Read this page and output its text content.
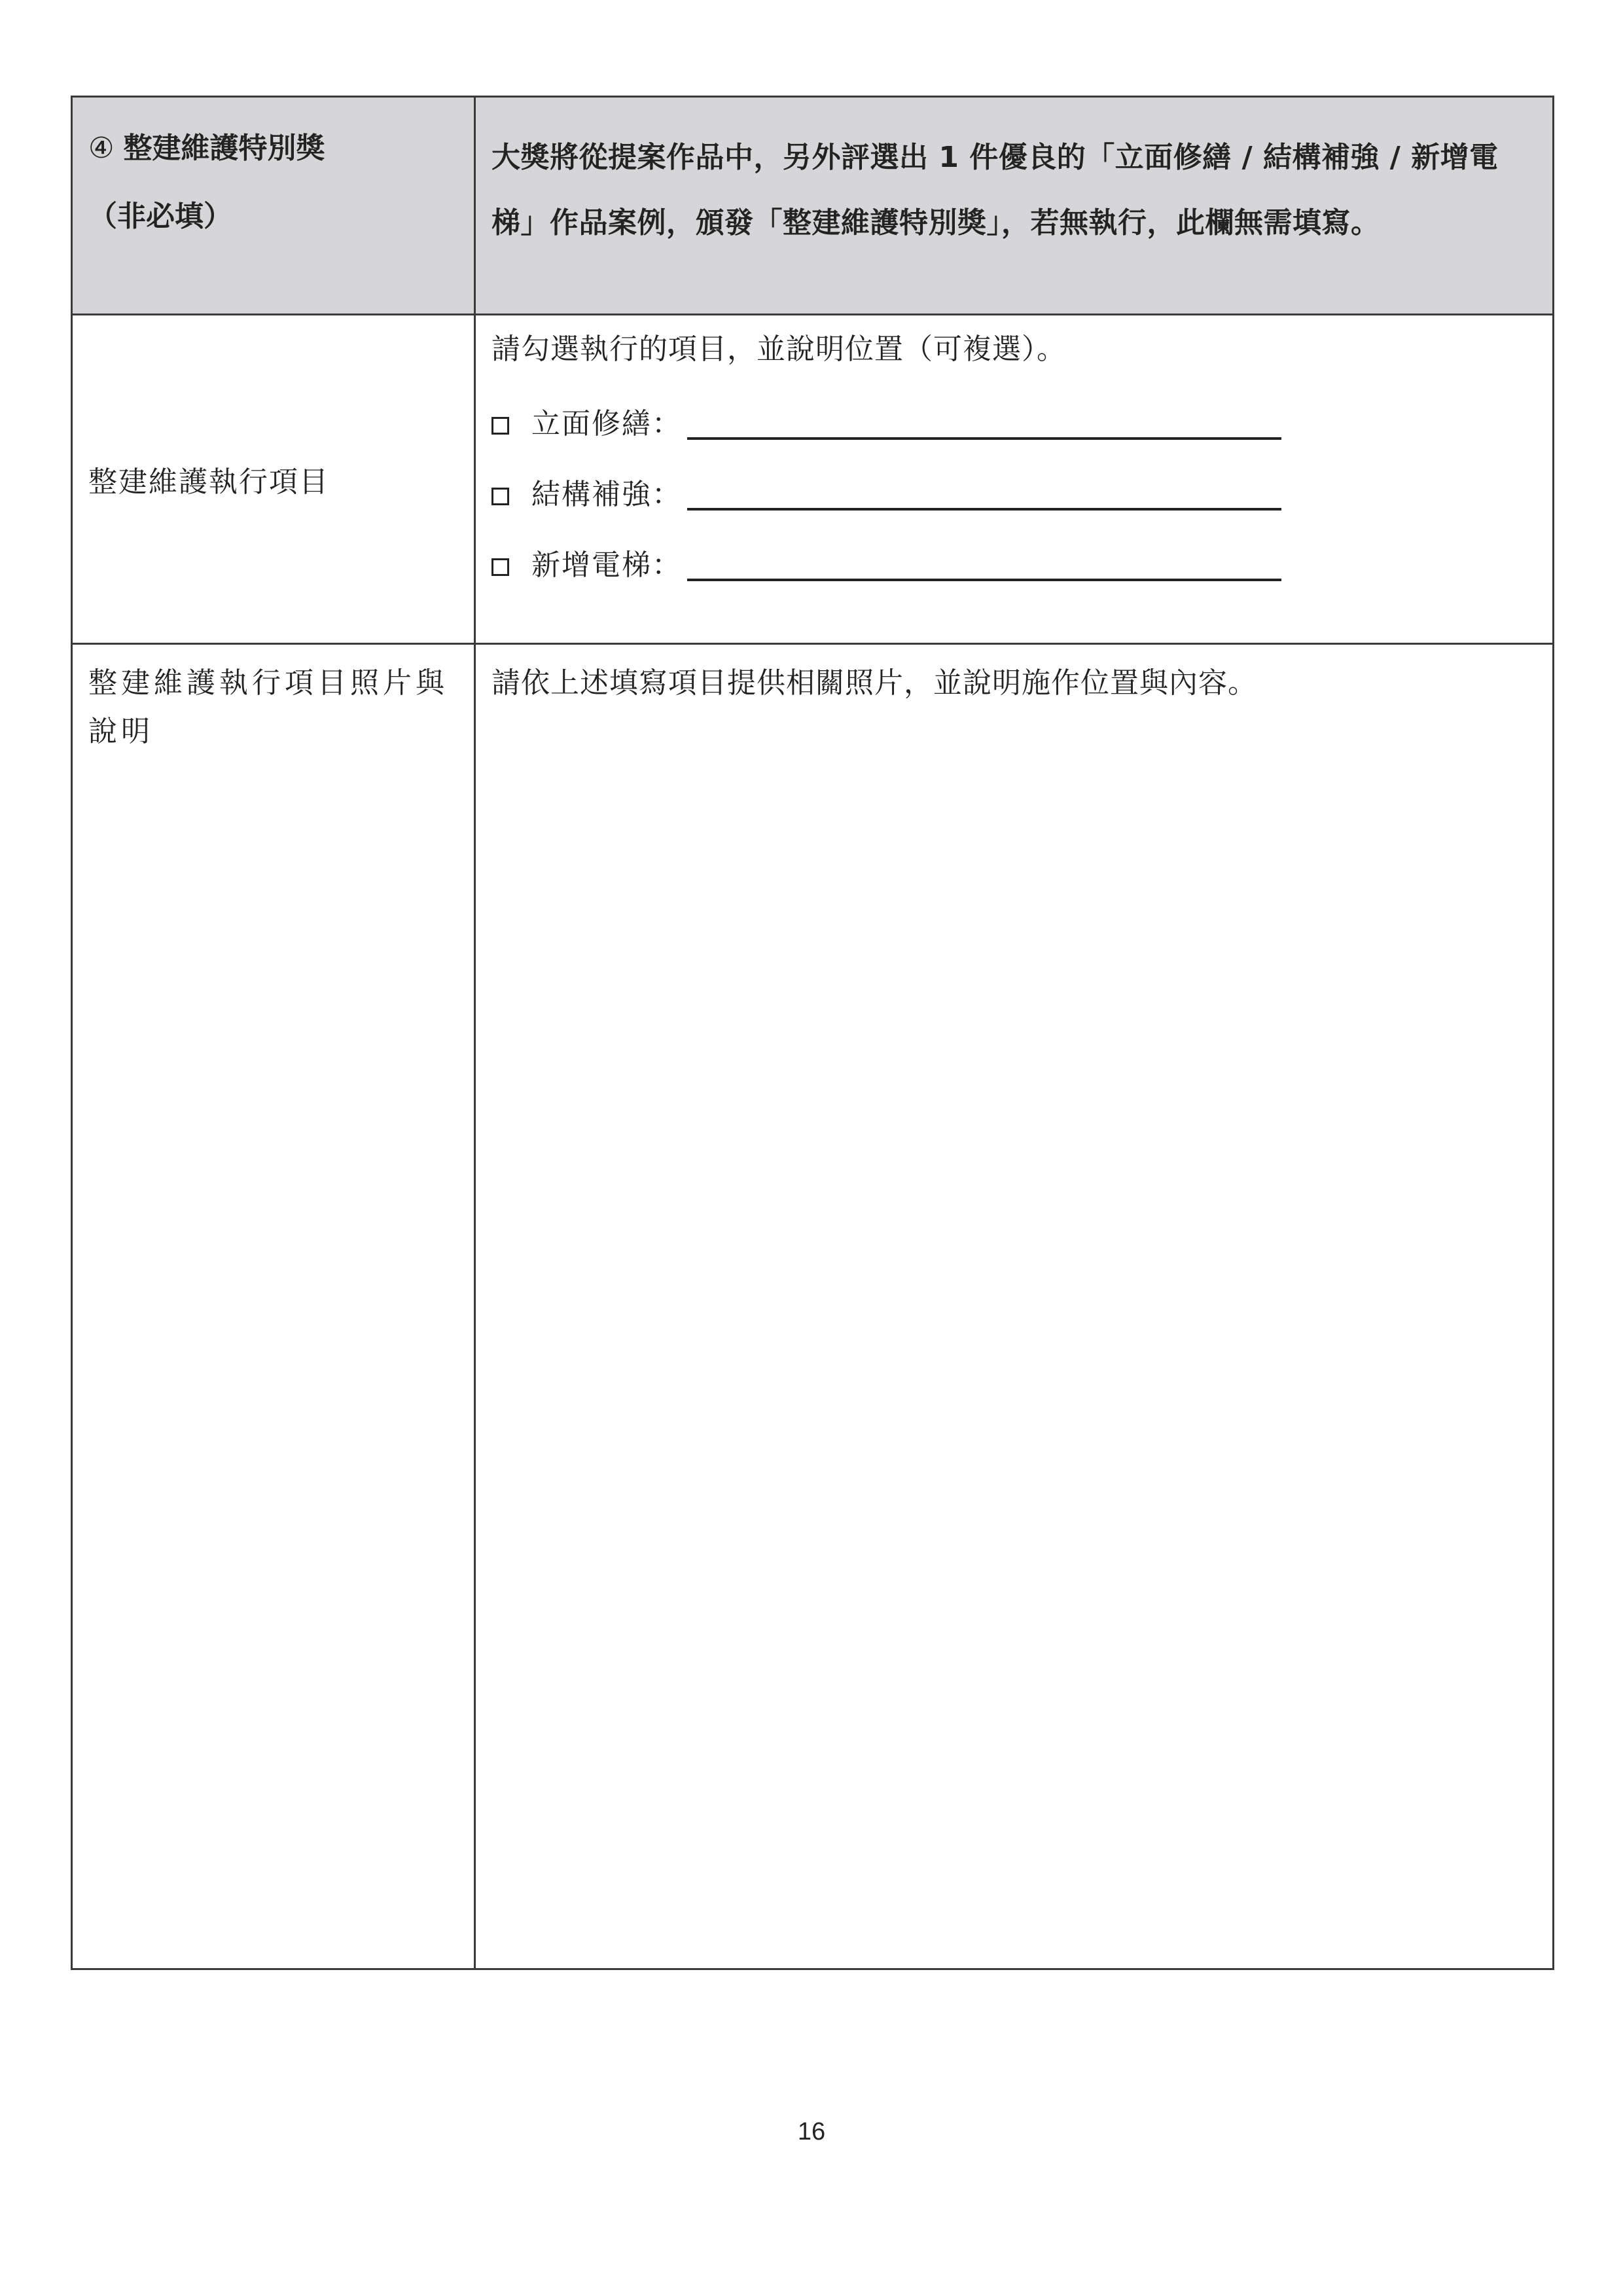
④ 整建維護特別獎
（非必填）	大獎將從提案作品中，另外評選出 1 件優良的「立面修繕 / 結構補強 / 新增電
梯」作品案例，頒發「整建維護特別獎」，若無執行，此欄無需填寫。

整建維護執行項目	請勾選執行的項目，並說明位置（可複選）。
立面修繕：
結構補強：
新增電梯：

整建維護執行項目照片與說明	請依上述填寫項目提供相關照片，並說明施作位置與內容。
16
